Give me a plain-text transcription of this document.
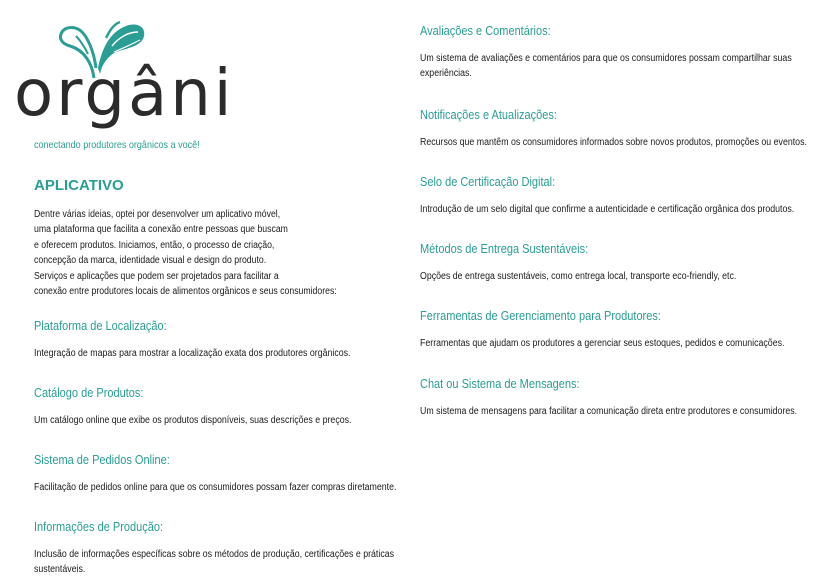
orgâni
conectando produtores orgânicos a você!
APLICATIVO
Dentre várias ideias, optei por desenvolver um aplicativo móvel,
uma plataforma que facilita a conexão entre pessoas que buscam
e oferecem produtos. Iniciamos, então, o processo de criação,
concepção da marca, identidade visual e design do produto.
Serviços e aplicações que podem ser projetados para facilitar a
conexão entre produtores locais de alimentos orgânicos e seus consumidores:
Plataforma de Localização:

Integração de mapas para mostrar a localização exata dos produtores orgânicos.

Catálogo de Produtos:

Um catálogo online que exibe os produtos disponíveis, suas descrições e preços.

Sistema de Pedidos Online:

Facilitação de pedidos online para que os consumidores possam fazer compras diretamente.

Informações de Produção:

Inclusão de informações específicas sobre os métodos de produção, certificações e práticas sustentáveis.

Avaliações e Comentários:

Um sistema de avaliações e comentários para que os consumidores possam compartilhar suas experiências.

Notificações e Atualizações:

Recursos que mantêm os consumidores informados sobre novos produtos, promoções ou eventos.

Selo de Certificação Digital:

Introdução de um selo digital que confirme a autenticidade e certificação orgânica dos produtos.

Métodos de Entrega Sustentáveis:

Opções de entrega sustentáveis, como entrega local, transporte eco-friendly, etc.

Ferramentas de Gerenciamento para Produtores:

Ferramentas que ajudam os produtores a gerenciar seus estoques, pedidos e comunicações.

Chat ou Sistema de Mensagens:

Um sistema de mensagens para facilitar a comunicação direta entre produtores e consumidores.
